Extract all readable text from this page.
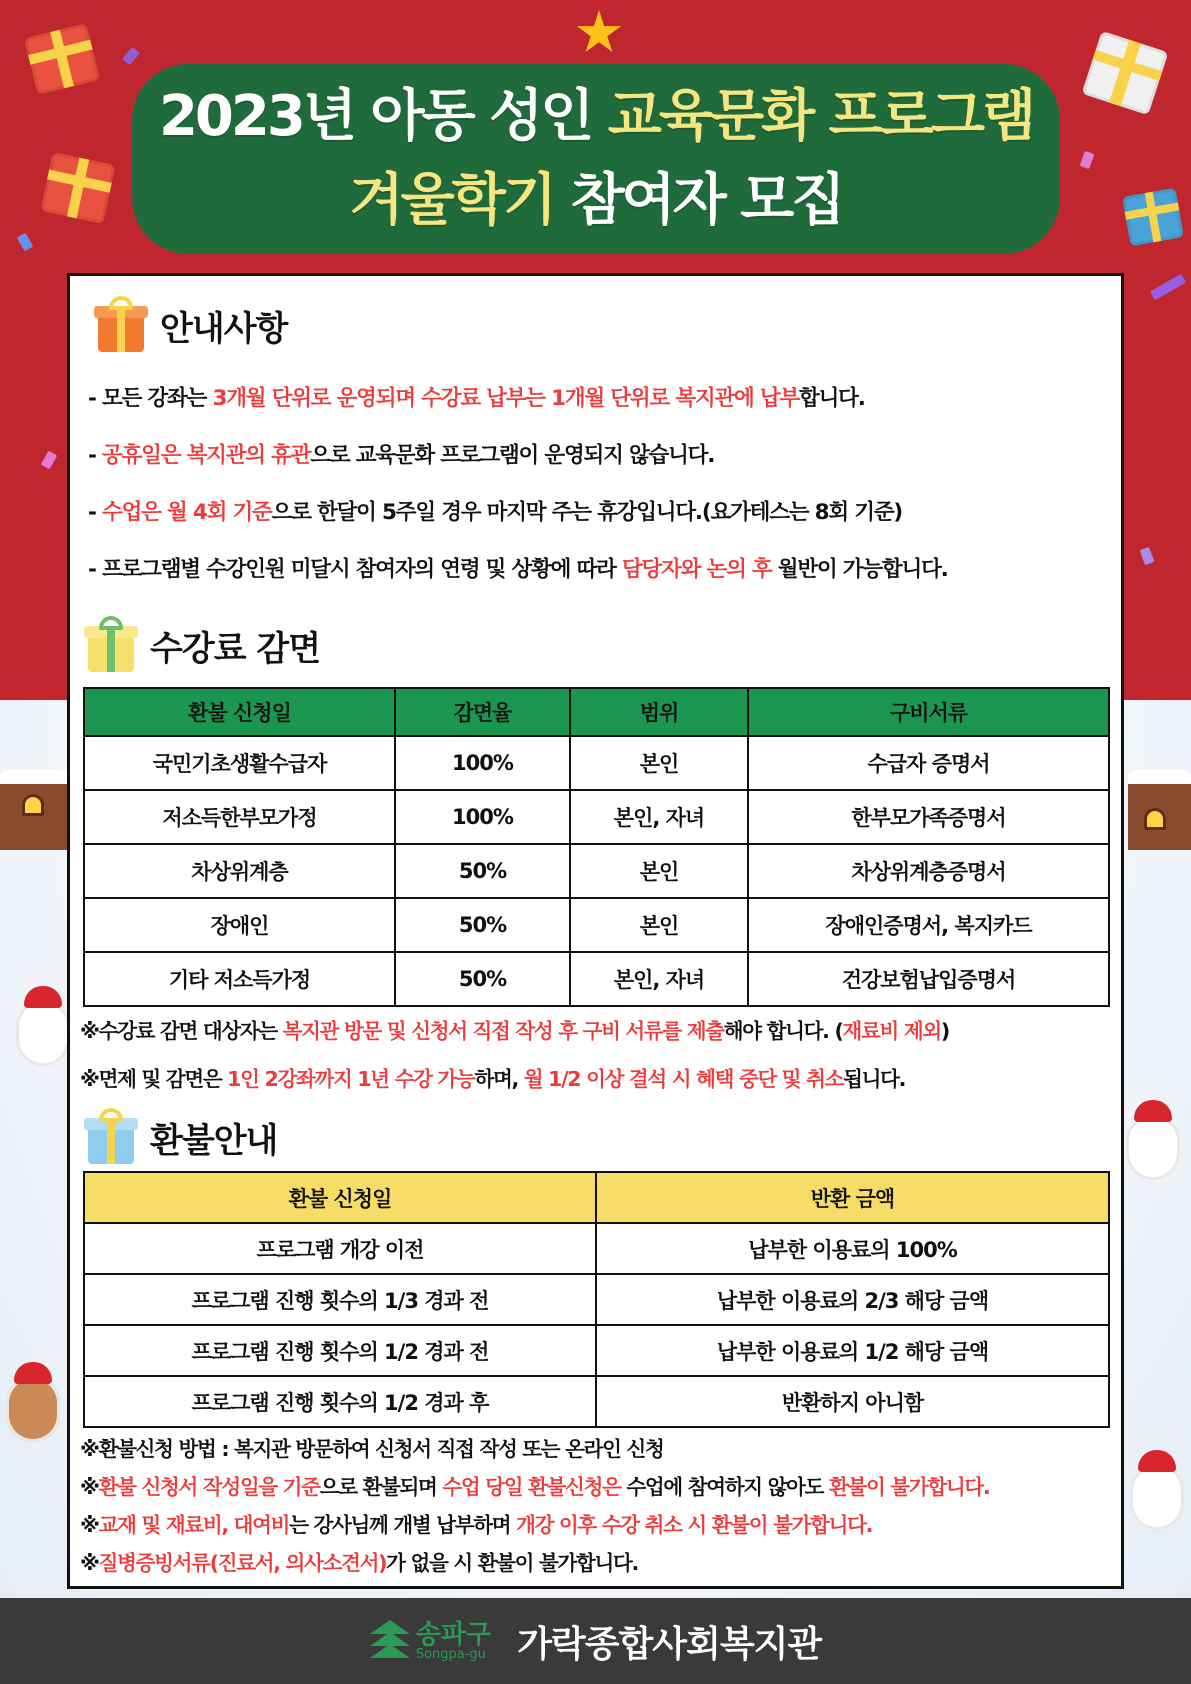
2023년 아동 성인 교육문화 프로그램
겨울학기 참여자 모집
안내사항
- 모든 강좌는 3개월 단위로 운영되며 수강료 납부는 1개월 단위로 복지관에 납부합니다.
- 공휴일은 복지관의 휴관으로 교육문화 프로그램이 운영되지 않습니다.
- 수업은 월 4회 기준으로 한달이 5주일 경우 마지막 주는 휴강입니다.(요가테스는 8회 기준)
- 프로그램별 수강인원 미달시 참여자의 연령 및 상황에 따라 담당자와 논의 후 월반이 가능합니다.
수강료 감면
환불 신청일	감면율	범위	구비서류
국민기초생활수급자	100%	본인	수급자 증명서
저소득한부모가정	100%	본인, 자녀	한부모가족증명서
차상위계층	50%	본인	차상위계층증명서
장애인	50%	본인	장애인증명서, 복지카드
기타 저소득가정	50%	본인, 자녀	건강보험납입증명서
※수강료 감면 대상자는 복지관 방문 및 신청서 직접 작성 후 구비 서류를 제출해야 합니다. (재료비 제외)
※면제 및 감면은 1인 2강좌까지 1년 수강 가능하며, 월 1/2 이상 결석 시 혜택 중단 및 취소됩니다.
환불안내
환불 신청일	반환 금액
프로그램 개강 이전	납부한 이용료의 100%
프로그램 진행 횟수의 1/3 경과 전	납부한 이용료의 2/3 해당 금액
프로그램 진행 횟수의 1/2 경과 전	납부한 이용료의 1/2 해당 금액
프로그램 진행 횟수의 1/2 경과 후	반환하지 아니함
※환불신청 방법 : 복지관 방문하여 신청서 직접 작성 또는 온라인 신청
※환불 신청서 작성일을 기준으로 환불되며 수업 당일 환불신청은 수업에 참여하지 않아도 환불이 불가합니다.
※교재 및 재료비, 대여비는 강사님께 개별 납부하며 개강 이후 수강 취소 시 환불이 불가합니다.
※질병증빙서류(진료서, 의사소견서)가 없을 시 환불이 불가합니다.
송파구
Songpa-gu 가락종합사회복지관
